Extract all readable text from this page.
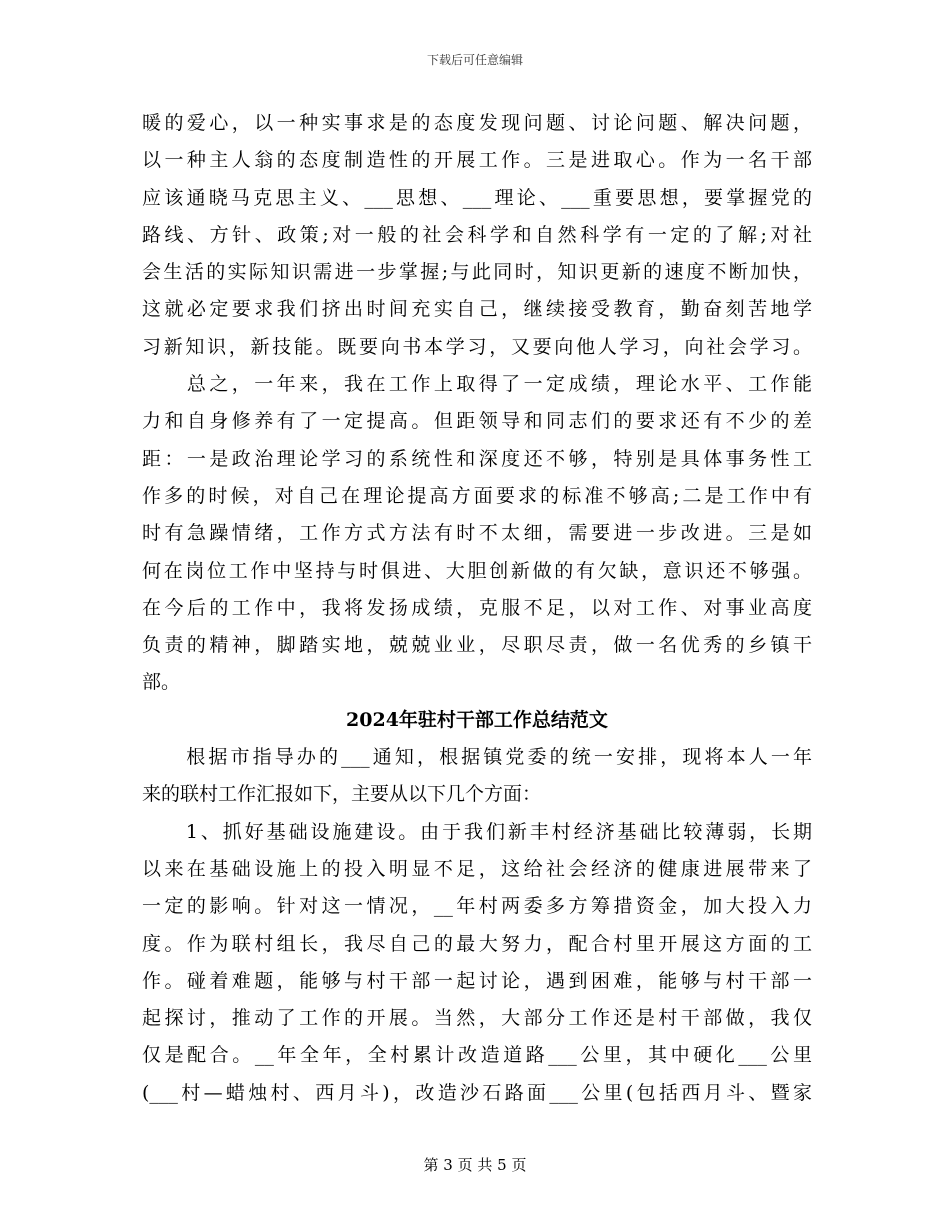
下载后可任意编辑
暖的爱心，以一种实事求是的态度发现问题、讨论问题、解决问题，
以一种主人翁的态度制造性的开展工作。三是进取心。作为一名干部
应该通晓马克思主义、___思想、___理论、___重要思想，要掌握党的
路线、方针、政策;对一般的社会科学和自然科学有一定的了解;对社
会生活的实际知识需进一步掌握;与此同时，知识更新的速度不断加快，
这就必定要求我们挤出时间充实自己，继续接受教育，勤奋刻苦地学
习新知识，新技能。既要向书本学习，又要向他人学习，向社会学习。
　　总之，一年来，我在工作上取得了一定成绩，理论水平、工作能
力和自身修养有了一定提高。但距领导和同志们的要求还有不少的差
距：一是政治理论学习的系统性和深度还不够，特别是具体事务性工
作多的时候，对自己在理论提高方面要求的标准不够高;二是工作中有
时有急躁情绪，工作方式方法有时不太细，需要进一步改进。三是如
何在岗位工作中坚持与时俱进、大胆创新做的有欠缺，意识还不够强。
在今后的工作中，我将发扬成绩，克服不足，以对工作、对事业高度
负责的精神，脚踏实地，兢兢业业，尽职尽责，做一名优秀的乡镇干
部。
2024年驻村干部工作总结范文
　　根据市指导办的___通知，根据镇党委的统一安排，现将本人一年
来的联村工作汇报如下，主要从以下几个方面：
　　1、抓好基础设施建设。由于我们新丰村经济基础比较薄弱，长期
以来在基础设施上的投入明显不足，这给社会经济的健康进展带来了
一定的影响。针对这一情况，__年村两委多方筹措资金，加大投入力
度。作为联村组长，我尽自己的最大努力，配合村里开展这方面的工
作。碰着难题，能够与村干部一起讨论，遇到困难，能够与村干部一
起探讨，推动了工作的开展。当然，大部分工作还是村干部做，我仅
仅是配合。__年全年，全村累计改造道路___公里，其中硬化___公里
(___村—蜡烛村、西月斗)，改造沙石路面___公里(包括西月斗、暨家
第 3 页 共 5 页
